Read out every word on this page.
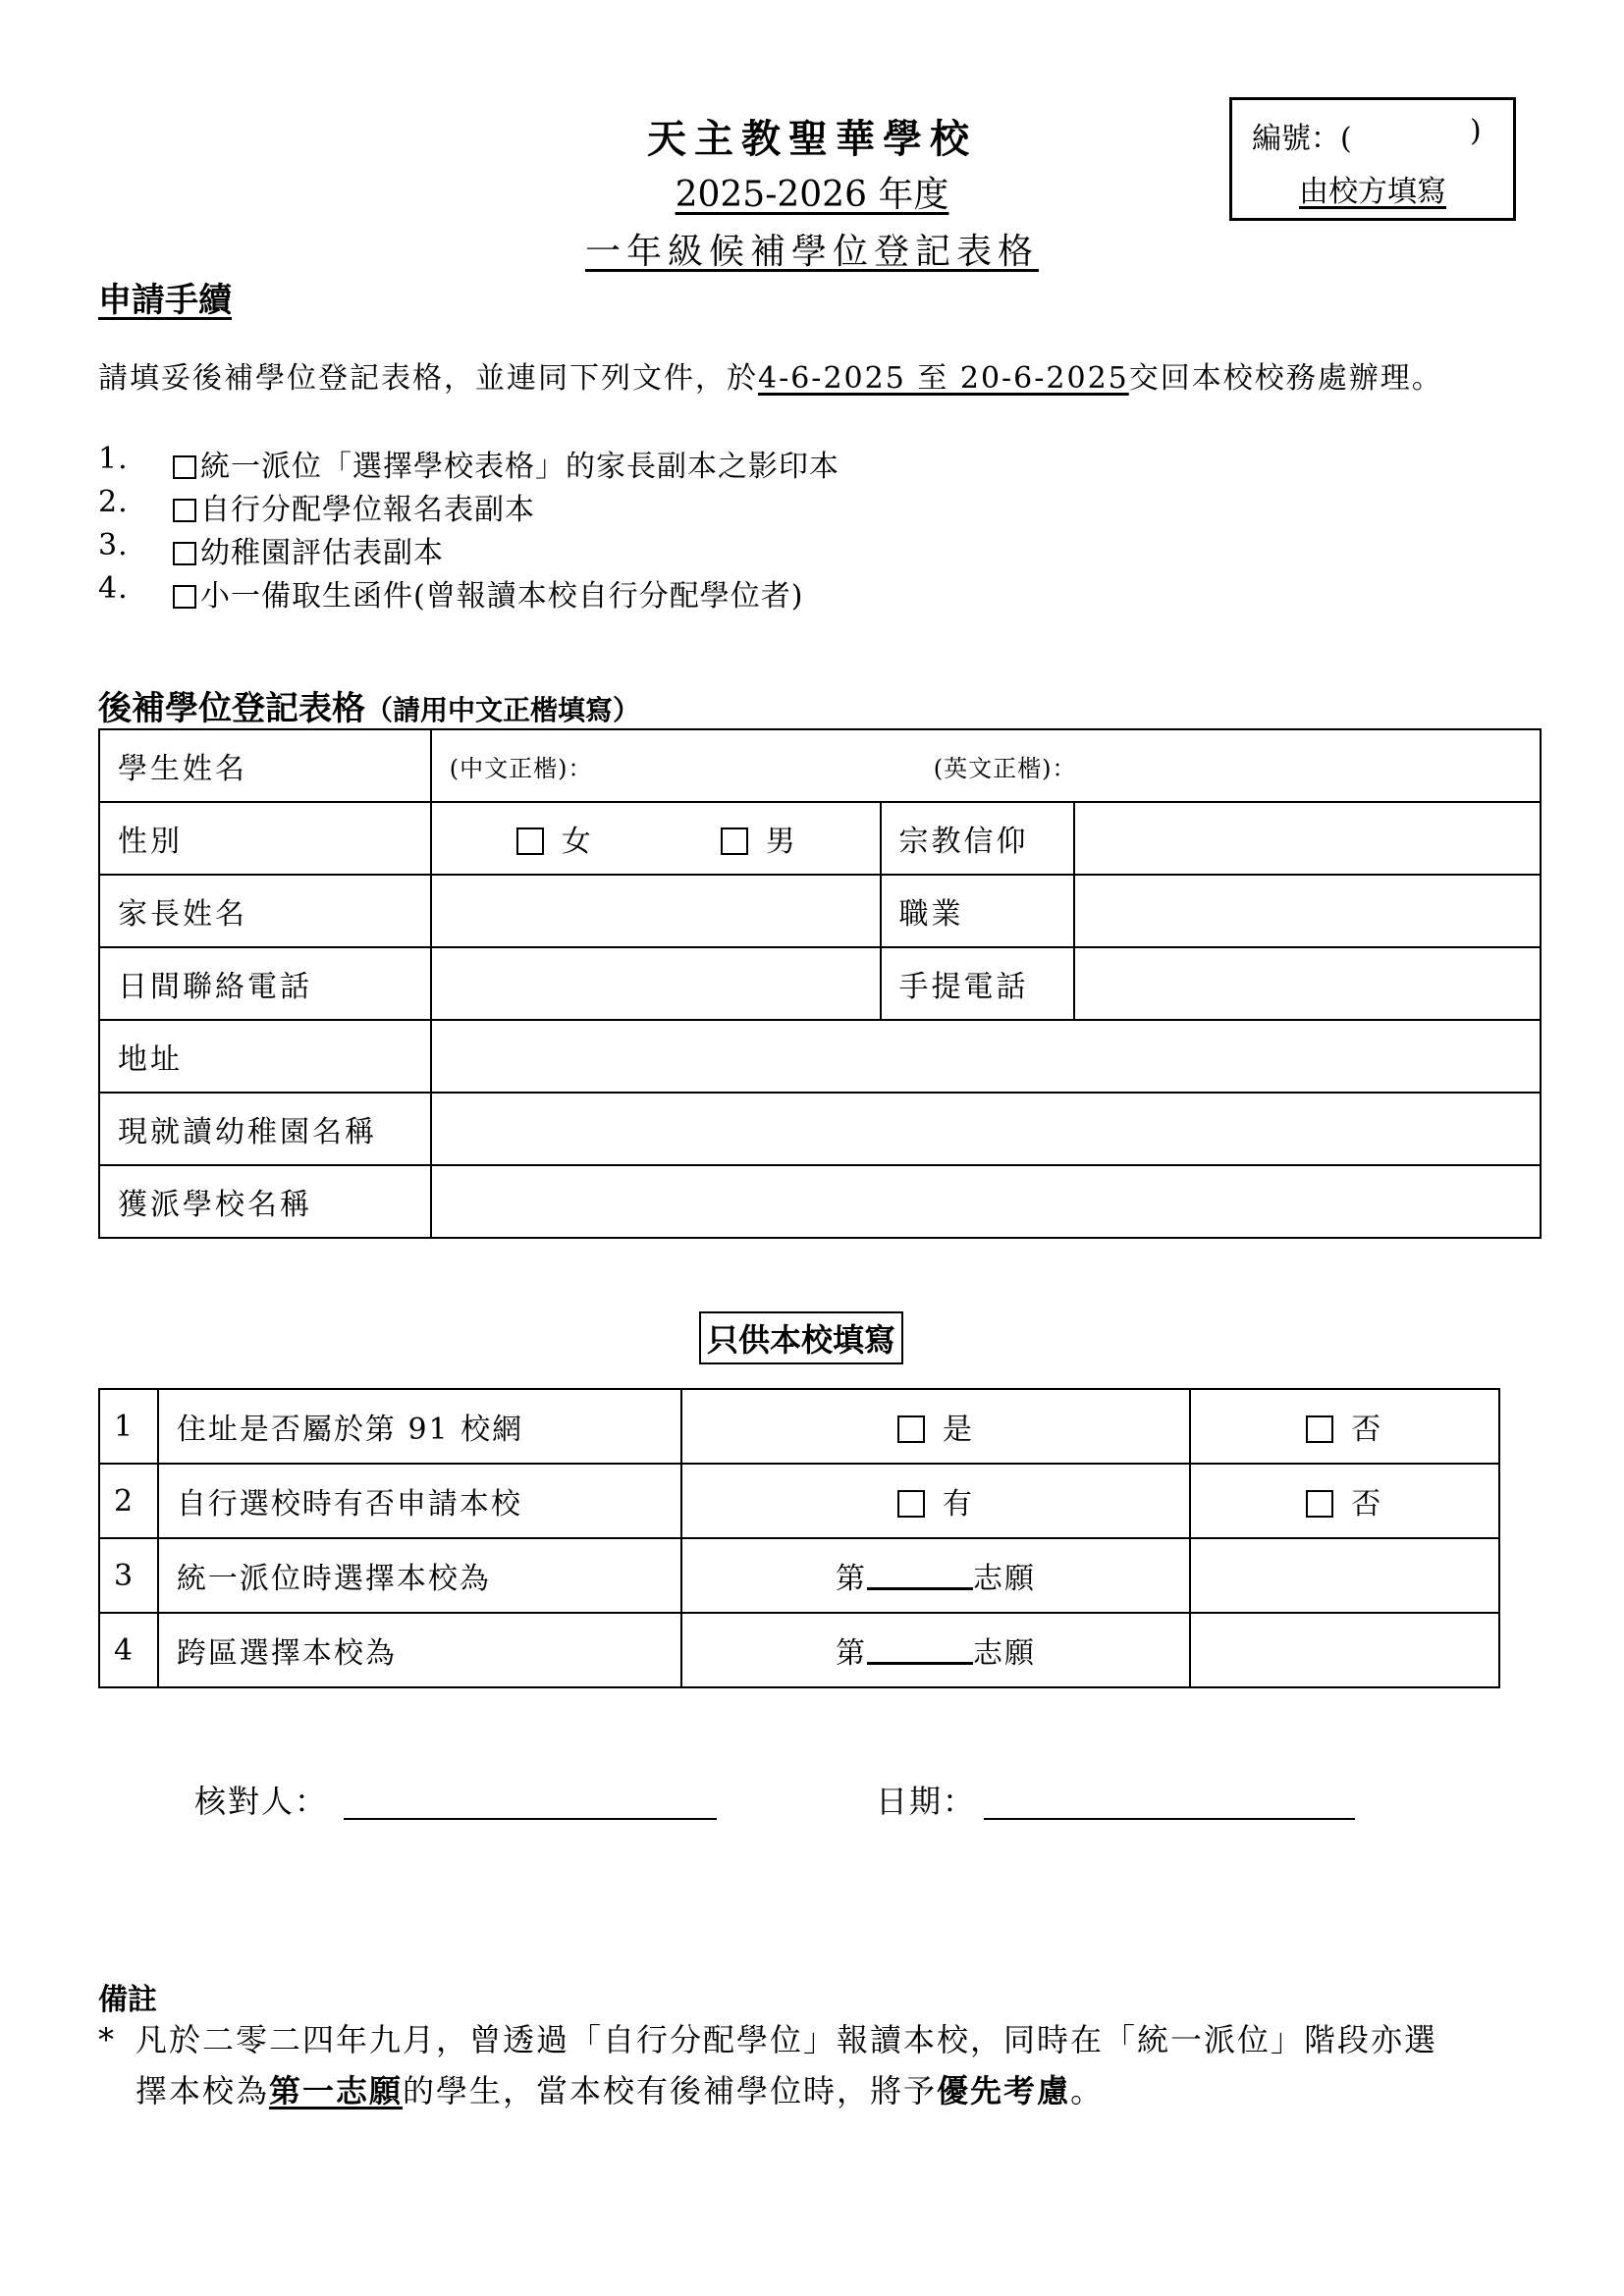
天主教聖華學校
2025-2026 年度
一年級候補學位登記表格
編號：(	)
由校方填寫
申請手續
請填妥後補學位登記表格，並連同下列文件，於4-6-2025 至 20-6-2025交回本校校務處辦理。
1.	統一派位「選擇學校表格」的家長副本之影印本
2.	自行分配學位報名表副本
3.	幼稚園評估表副本
4.	小一備取生函件(曾報讀本校自行分配學位者)
後補學位登記表格（請用中文正楷填寫）
學生姓名	(中文正楷)： (英文正楷)：		
性別	女 男	宗教信仰	
家長姓名		職業	
日間聯絡電話		手提電話	
地址			
現就讀幼稚園名稱			
獲派學校名稱			
只供本校填寫
1	住址是否屬於第 91 校網	是	否
2	自行選校時有否申請本校	有	否
3	統一派位時選擇本校為	第 志願	
4	跨區選擇本校為	第 志願	
核對人：	日期：
備註
* 凡於二零二四年九月，曾透過「自行分配學位」報讀本校，同時在「統一派位」階段亦選
擇本校為第一志願的學生，當本校有後補學位時，將予優先考慮。
